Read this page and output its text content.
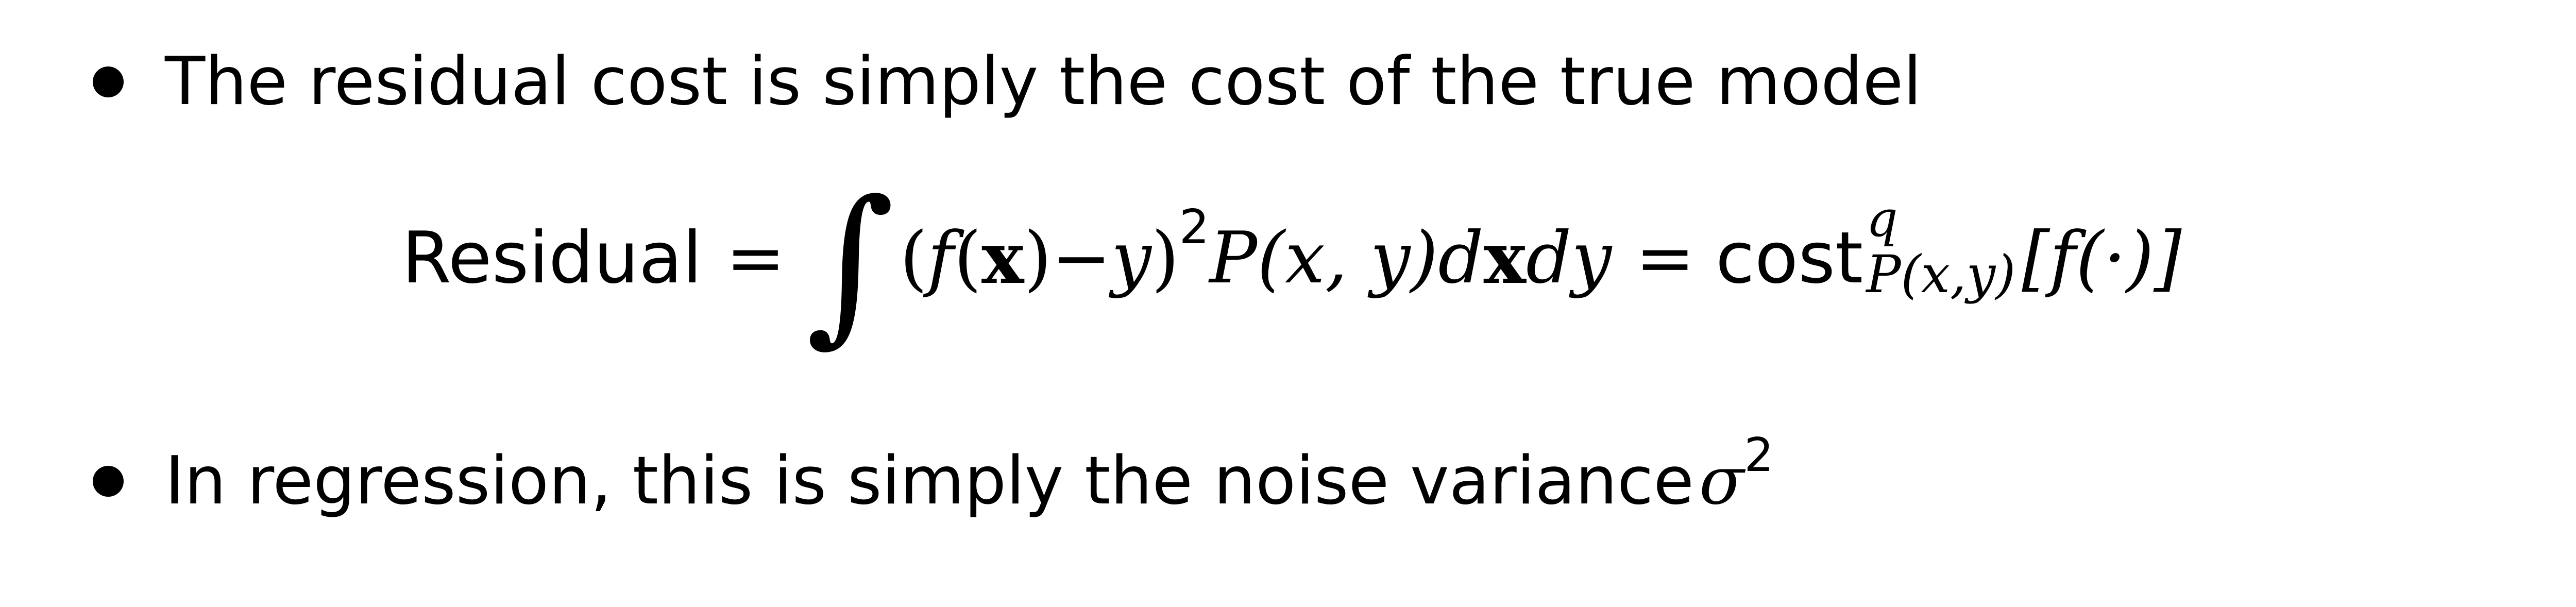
The residual cost is simply the cost of the true model
Residual = ∫ ( f ( x ) − y ) 2 P (x, y) d x d y = cost q
P(x,y) [f(·)]
In regression, this is simply the noise variance σ 2
